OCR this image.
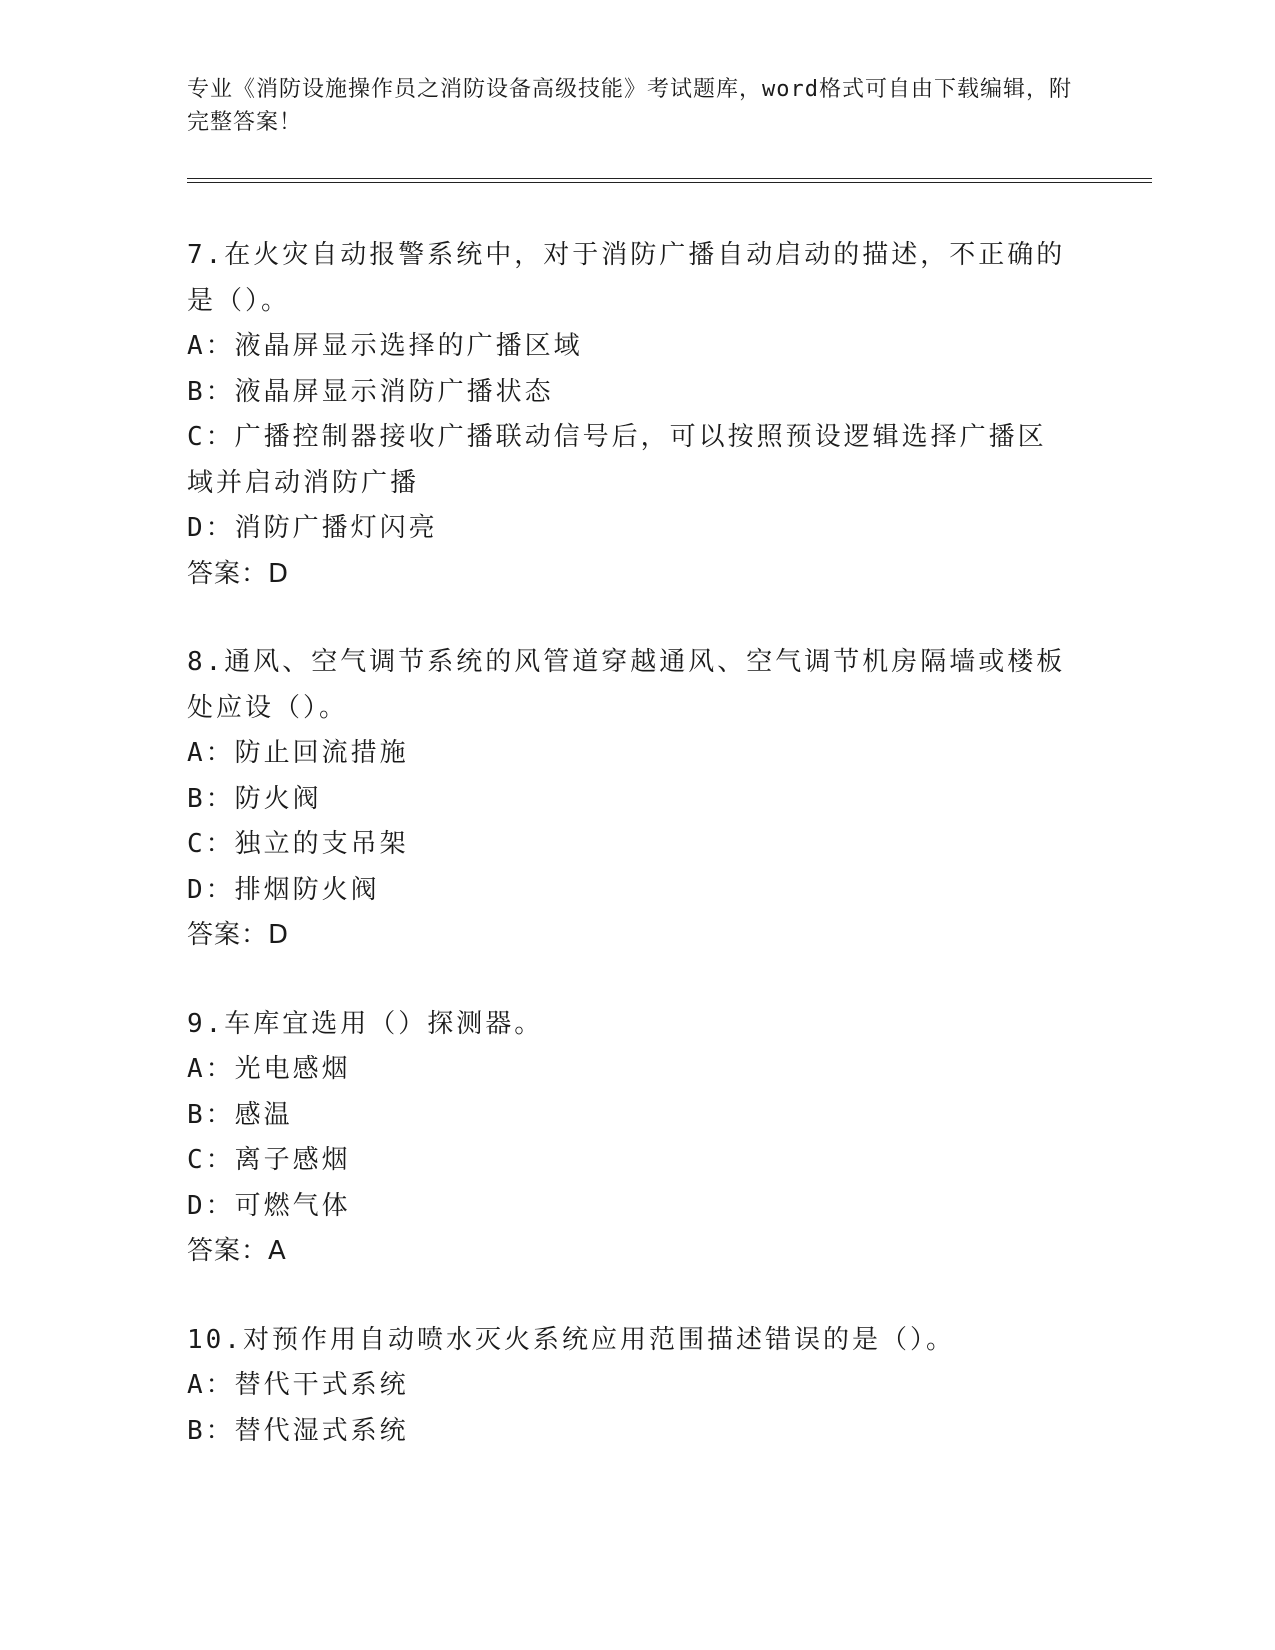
专业《消防设施操作员之消防设备高级技能》考试题库，word格式可自由下载编辑，附完整答案！
7.在火灾自动报警系统中，对于消防广播自动启动的描述，不正确的是（）。
A：液晶屏显示选择的广播区域
B：液晶屏显示消防广播状态
C：广播控制器接收广播联动信号后，可以按照预设逻辑选择广播区域并启动消防广播
D：消防广播灯闪亮
答案：D
8.通风、空气调节系统的风管道穿越通风、空气调节机房隔墙或楼板处应设（）。
A：防止回流措施
B：防火阀
C：独立的支吊架
D：排烟防火阀
答案：D
9.车库宜选用（）探测器。
A：光电感烟
B：感温
C：离子感烟
D：可燃气体
答案：A
10.对预作用自动喷水灭火系统应用范围描述错误的是（）。
A：替代干式系统
B：替代湿式系统
